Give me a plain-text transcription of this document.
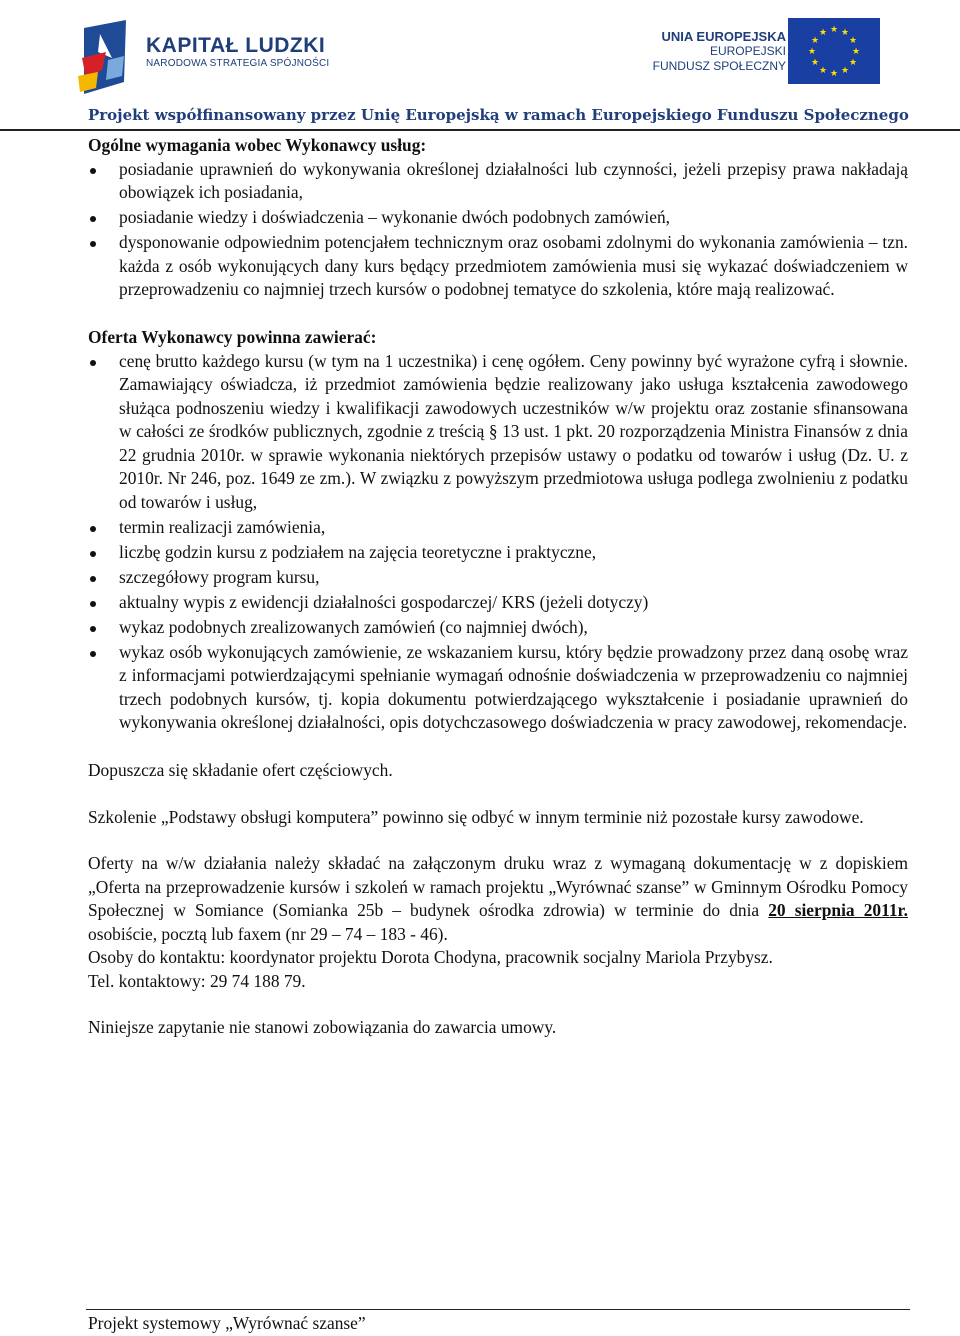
KAPITAŁ LUDZKI
NARODOWA STRATEGIA SPÓJNOŚCI
UNIA EUROPEJSKA
EUROPEJSKI
FUNDUSZ SPOŁECZNY
★ ★
★
★
★
★
★
★
★
★
★
★
Projekt współfinansowany przez Unię Europejską w ramach Europejskiego Funduszu Społecznego

Ogólne wymagania wobec Wykonawcy usług:

posiadanie uprawnień do wykonywania określonej działalności lub czynności, jeżeli przepisy prawa nakładają obowiązek ich posiadania,
posiadanie wiedzy i doświadczenia – wykonanie dwóch podobnych zamówień,
dysponowanie odpowiednim potencjałem technicznym oraz osobami zdolnymi do wykonania zamówienia – tzn. każda z osób wykonujących dany kurs będący przedmiotem zamówienia musi się wykazać doświadczeniem w przeprowadzeniu co najmniej trzech kursów o podobnej tematyce do szkolenia, które mają realizować.

Oferta Wykonawcy powinna zawierać:

cenę brutto każdego kursu (w tym na 1 uczestnika) i cenę ogółem. Ceny powinny być wyrażone cyfrą i słownie. Zamawiający oświadcza, iż przedmiot zamówienia będzie realizowany jako usługa kształcenia zawodowego służąca podnoszeniu wiedzy i kwalifikacji zawodowych uczestników w/w projektu oraz zostanie sfinansowana w całości ze środków publicznych, zgodnie z treścią § 13 ust. 1 pkt. 20 rozporządzenia Ministra Finansów z dnia 22 grudnia 2010r. w sprawie wykonania niektórych przepisów ustawy o podatku od towarów i usług (Dz. U. z 2010r. Nr 246, poz. 1649 ze zm.). W związku z powyższym przedmiotowa usługa podlega zwolnieniu z podatku od towarów i usług,
termin realizacji zamówienia,
liczbę godzin kursu z podziałem na zajęcia teoretyczne i praktyczne,
szczegółowy program kursu,
aktualny wypis z ewidencji działalności gospodarczej/ KRS (jeżeli dotyczy)
wykaz podobnych zrealizowanych zamówień (co najmniej dwóch),
wykaz osób wykonujących zamówienie, ze wskazaniem kursu, który będzie prowadzony przez daną osobę wraz z informacjami potwierdzającymi spełnianie wymagań odnośnie doświadczenia w przeprowadzeniu co najmniej trzech podobnych kursów, tj. kopia dokumentu potwierdzającego wykształcenie i posiadanie uprawnień do wykonywania określonej działalności, opis dotychczasowego doświadczenia w pracy zawodowej, rekomendacje.

Dopuszcza się składanie ofert częściowych.

Szkolenie „Podstawy obsługi komputera” powinno się odbyć w innym terminie niż pozostałe kursy zawodowe.

Oferty na w/w działania należy składać na załączonym druku wraz z wymaganą dokumentację w z dopiskiem „Oferta na przeprowadzenie kursów i szkoleń w ramach projektu „Wyrównać szanse” w Gminnym Ośrodku Pomocy Społecznej w Somiance (Somianka 25b – budynek ośrodka zdrowia) w terminie do dnia 20 sierpnia 2011r. osobiście, pocztą lub faxem (nr 29 – 74 – 183 - 46).

Osoby do kontaktu: koordynator projektu Dorota Chodyna, pracownik socjalny Mariola Przybysz.

Tel. kontaktowy: 29 74 188 79.

Niniejsze zapytanie nie stanowi zobowiązania do zawarcia umowy.

Projekt systemowy „Wyrównać szanse”
